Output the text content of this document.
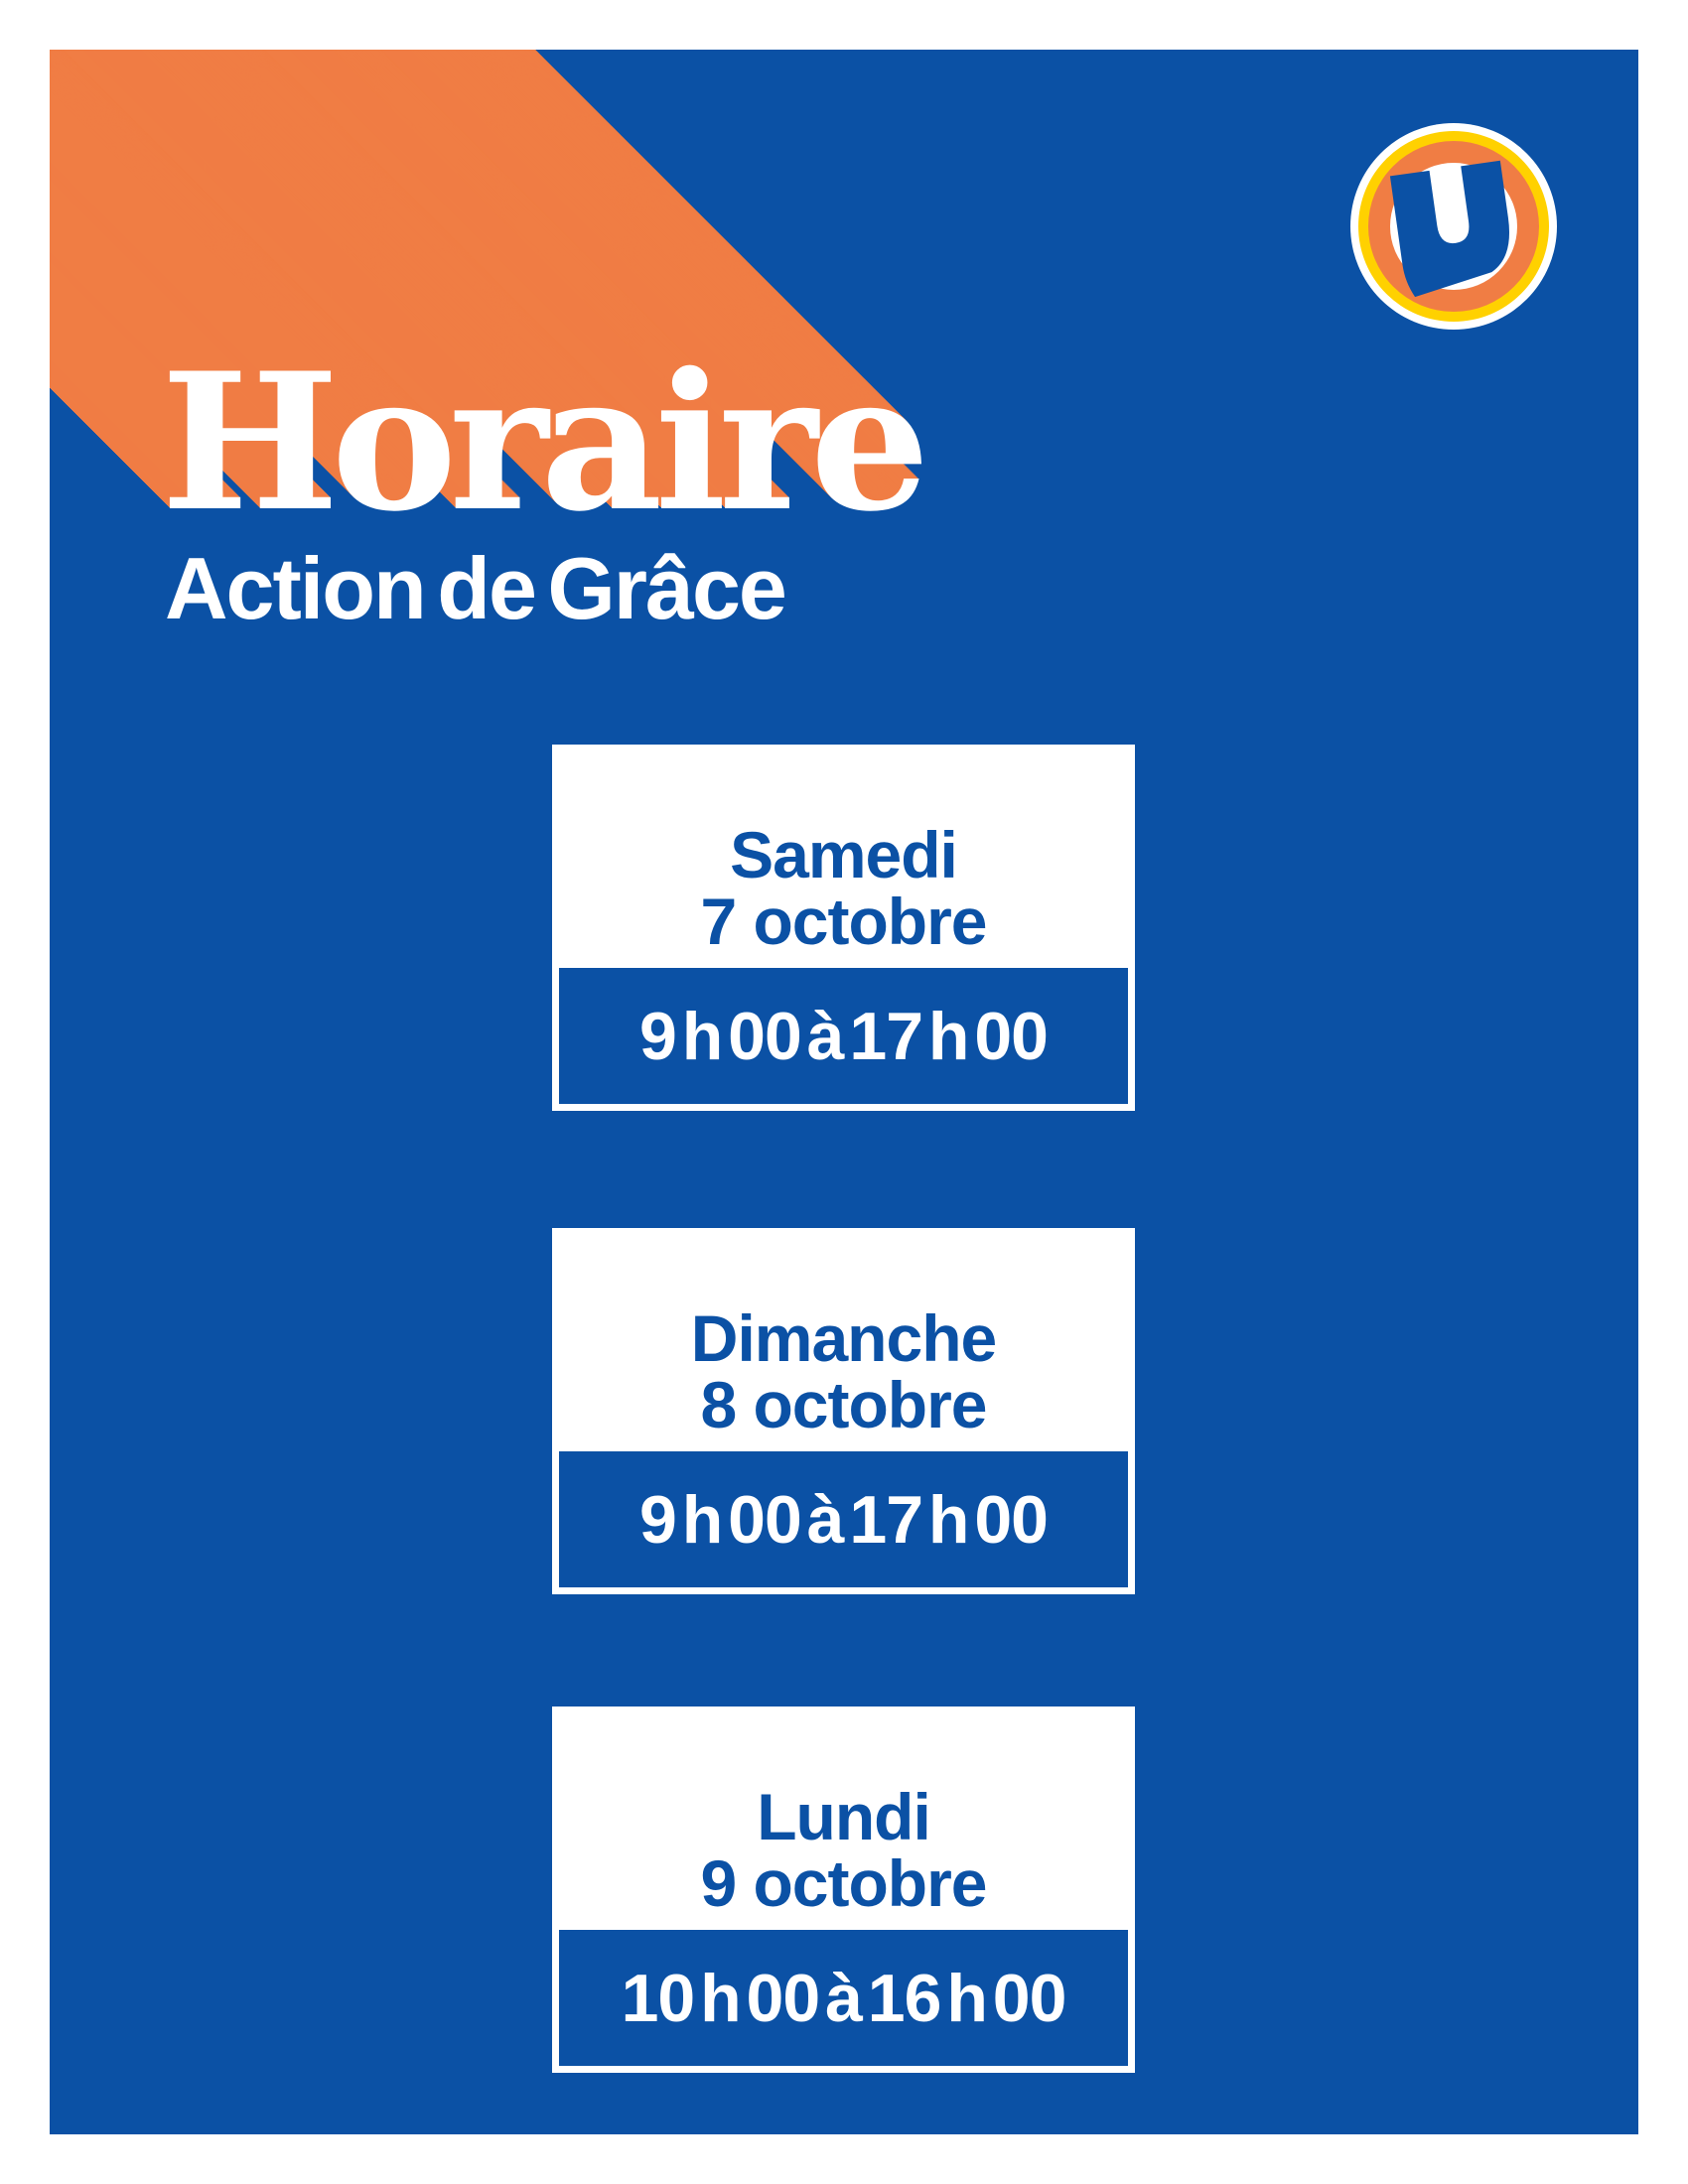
Horaire
Action de Grâce
Samedi
7 octobre
9 h 00 à 17 h 00
Dimanche
8 octobre
9 h 00 à 17 h 00
Lundi
9 octobre
10 h 00 à 16 h 00
